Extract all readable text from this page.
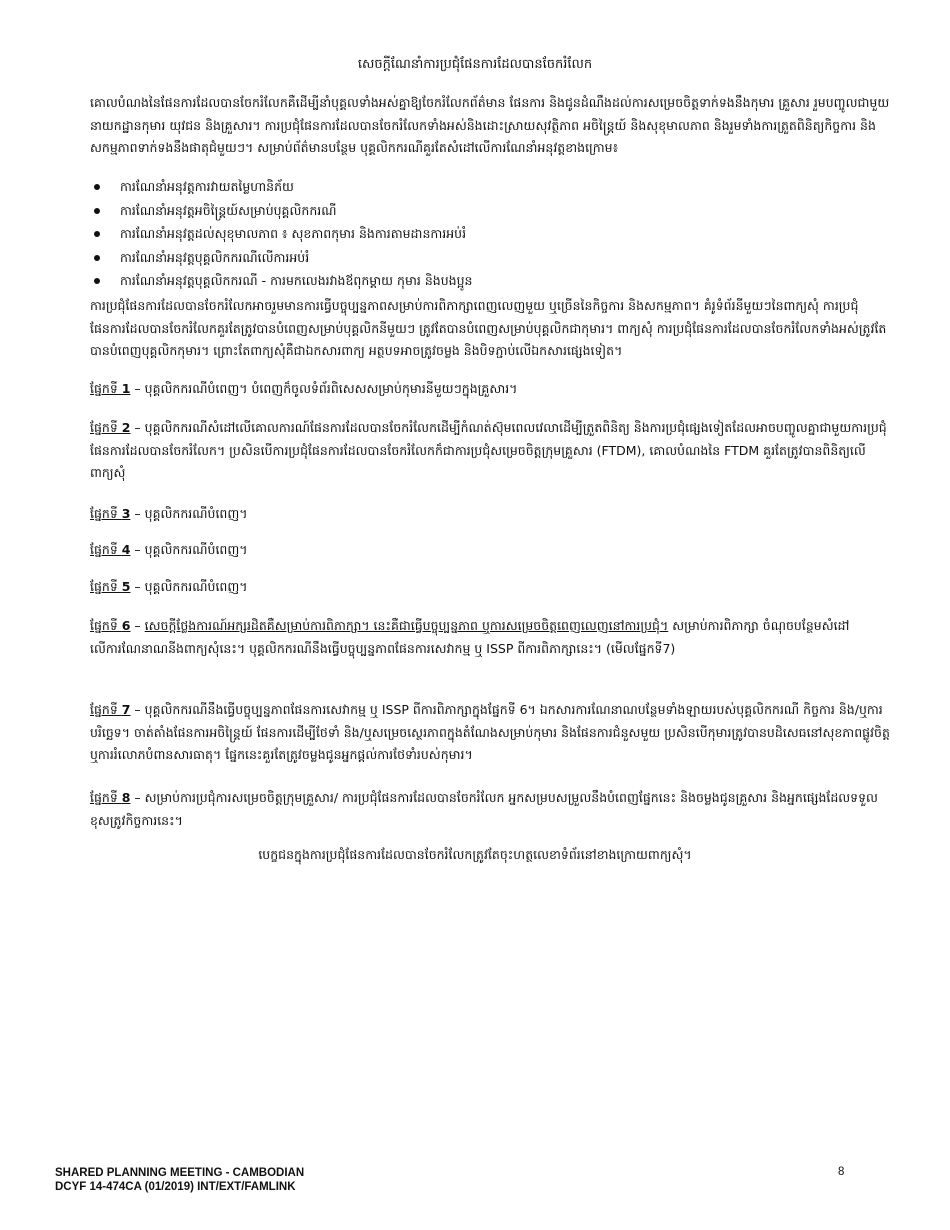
សេចក្តីណែនាំការប្រជុំផែនការដែលបានចែករំលែក
គោលបំណងនៃផែនការដែលបានចែករំលែកគឺដើម្បីនាំបុគ្គលទាំងអស់គ្នាឱ្យចែករំលែកព័ត៌មាន ផែនការ និងជូនដំណឹងដល់ការសម្រេចចិត្តទាក់ទងនឹងកុមារ គ្រួសារ រួមបញ្ចូលជាមួយនាយកដ្ឋានកុមារ យុវជន និងគ្រួសារ។ ការប្រជុំផែនការដែលបានចែករំលែកទាំងអស់និងដោះស្រាយសុវត្ថិភាព អចិន្ត្រៃយ៍ និងសុខុមាលភាព និងរួមទាំងការត្រួតពិនិត្យកិច្ចការ និងសកម្មភាពទាក់ទងនឹងផាតុជំមួយៗ។ សម្រាប់ព័ត៌មានបន្ថែម បុគ្គលិកករណីគួរតែសំដៅលើការណែនាំអនុវត្តខាងក្រោម៖
ការណែនាំអនុវត្តការវាយតម្លៃហានិភ័យ
ការណែនាំអនុវត្តអចិន្ត្រៃយ៍សម្រាប់បុគ្គលិកករណី
ការណែនាំអនុវត្តដល់សុខុមាលភាព ៖ សុខភាពកុមារ និងការតាមដានការអប់រំ
ការណែនាំអនុវត្តបុគ្គលិកករណីលើការអប់រំ
ការណែនាំអនុវត្តបុគ្គលិកករណី - ការមកលេងរវាងឪពុកម្តាយ កុមារ និងបងប្អូន
ការប្រជុំផែនការដែលបានចែករំលែកអាចរួមមានការធ្វើបច្ចុប្បន្នភាពសម្រាប់ការពិភាក្សាពេញលេញមួយ ឬច្រើននៃកិច្ចការ និងសកម្មភាព។ គំរូទំព័រនីមួយៗនៃពាក្យសុំ ការប្រជុំផែនការដែលបានចែករំលែកគួរតែត្រូវបានបំពេញសម្រាប់បុគ្គលិកនីមួយៗ ត្រូវតែបានបំពេញសម្រាប់បុគ្គលិកជាកុមារ។ ពាក្យសុំ ការប្រជុំផែនការដែលបានចែករំលែកទាំងអស់ត្រូវតែបានបំពេញបុគ្គលិកកុមារ។ ព្រោះតែពាក្យសុំគឺជាឯកសារពាក្យ អត្ថបទអាចត្រូវចម្លង និងបិទភ្ជាប់លើឯកសារផ្សេងទៀត។
ផ្នែកទី 1 – បុគ្គលិកករណីបំពេញ។ បំពេញក៏ចូលទំព័រពិសេសសម្រាប់កុមារនីមួយៗក្នុងគ្រួសារ។
ផ្នែកទី 2 – បុគ្គលិកករណីសំដៅលើគោលការណ៍ផែនការដែលបានចែករំលែកដើម្បីកំណត់ស៊ុមពេលវេលាដើម្បីត្រួតពិនិត្យ និងការប្រជុំផ្សេងទៀតដែលអាចបញ្ចូលគ្នាជាមួយការប្រជុំផែនការដែលបានចែករំលែក។ ប្រសិនបើការប្រជុំផែនការដែលបានចែករំលែកក៏ជាការប្រជុំសម្រេចចិត្តក្រុមគ្រួសារ (FTDM), គោលបំណងនៃ FTDM គួរតែត្រូវបានពិនិត្យលើពាក្យសុំ
ផ្នែកទី 3 – បុគ្គលិកករណីបំពេញ។
ផ្នែកទី 4 – បុគ្គលិកករណីបំពេញ។
ផ្នែកទី 5 – បុគ្គលិកករណីបំពេញ។
ផ្នែកទី 6 – សេចក្តីថ្លែងការណ៍អក្សរដិតគឺសម្រាប់ការពិភាក្សា។ នេះគឺជាធ្វើបច្ចុប្បន្នភាព ឬការសម្រេចចិត្តពេញលេញនៅការប្រជុំ។ សម្រាប់ការពិភាក្សា ចំណុចបន្ថែមសំដៅលើការណែនាណនីងពាក្យសុំនេះ។ បុគ្គលិកករណីនឹងធ្វើបច្ចុប្បន្នភាពផែនការសេវាកម្ម ឬ ISSP ពីការពិភាក្សានេះ។ (មើលផ្នែកទី7)
ផ្នែកទី 7 – បុគ្គលិកករណីនឹងធ្វើបច្ចុប្បន្នភាពផែនការសេវាកម្ម ឬ ISSP ពីការពិភាក្សាក្នុងផ្នែកទី 6។ ឯកសារការណែនាណបន្ថែមទាំងឡាយរបស់បុគ្គលិកករណី កិច្ចការ និង/ឬការបរិច្ឆេទ។ ចាត់តាំងផែនការអចិន្ត្រៃយ៍ ផែនការដើម្បីថែទាំ និង/ឬសម្រេចស្ថេរភាពក្នុងតំណែងសម្រាប់កុមារ និងផែនការជំនួសមួយ ប្រសិនបើកុមារត្រូវបានបដិសេធនៅសុខភាពផ្លូវចិត្ត ឬការរំលោភបំពានសារធាតុ។ ផ្នែកនេះគួរតែត្រូវចម្លងជូនអ្នកផ្តល់ការថែទាំរបស់កុមារ។
ផ្នែកទី 8 – សម្រាប់ការប្រជុំការសម្រេចចិត្តក្រុមគ្រួសារ/ ការប្រជុំផែនការដែលបានចែករំលែក អ្នកសម្របសម្រួលនឹងបំពេញផ្នែកនេះ និងចម្លងជូនគ្រួសារ និងអ្នកផ្សេងដែលទទួលខុសត្រូវកិច្ចការនេះ។
បេក្ខជនក្នុងការប្រជុំផែនការដែលបានចែករំលែកត្រូវតែចុះហត្ថលេខាទំព័រនៅខាងក្រោយពាក្យសុំ។
SHARED PLANNING MEETING - CAMBODIAN
DCYF 14-474CA (01/2019) INT/EXT/FAMLINK
8
